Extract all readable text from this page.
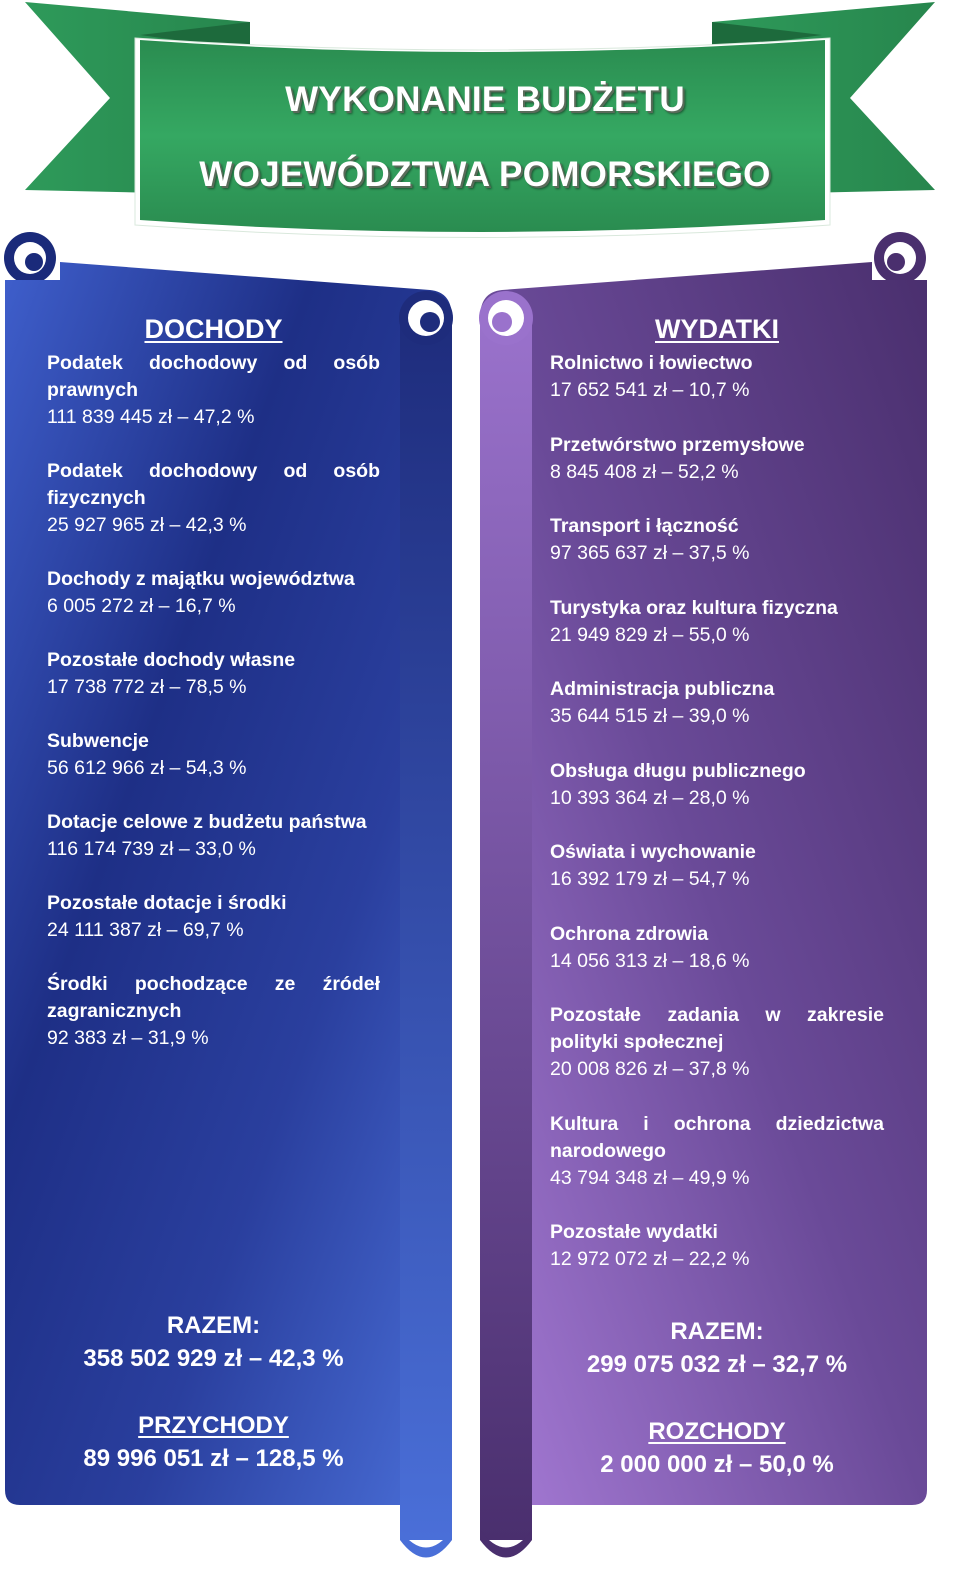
WYKONANIE BUDŻETU
WOJEWÓDZTWA POMORSKIEGO
DOCHODY
Podatek dochodowy od osób prawnych
111 839 445 zł – 47,2 %
Podatek dochodowy od osób fizycznych
25 927 965 zł – 42,3 %
Dochody z majątku województwa
6 005 272 zł – 16,7 %
Pozostałe dochody własne
17 738 772 zł – 78,5 %
Subwencje
56 612 966 zł – 54,3 %
Dotacje celowe z budżetu państwa
116 174 739 zł – 33,0 %
Pozostałe dotacje i środki
24 111 387 zł – 69,7 %
Środki pochodzące ze źródeł zagranicznych
92 383 zł – 31,9 %
RAZEM:
358 502 929 zł – 42,3 %
PRZYCHODY
89 996 051 zł – 128,5 %
WYDATKI
Rolnictwo i łowiectwo
17 652 541 zł – 10,7 %
Przetwórstwo przemysłowe
8 845 408 zł – 52,2 %
Transport i łączność
97 365 637 zł – 37,5 %
Turystyka oraz kultura fizyczna
21 949 829 zł – 55,0 %
Administracja publiczna
35 644 515 zł – 39,0 %
Obsługa długu publicznego
10 393 364 zł – 28,0 %
Oświata i wychowanie
16 392 179 zł – 54,7 %
Ochrona zdrowia
14 056 313 zł – 18,6 %
Pozostałe zadania w zakresie polityki społecznej
20 008 826 zł – 37,8 %
Kultura i ochrona dziedzictwa narodowego
43 794 348 zł – 49,9 %
Pozostałe wydatki
12 972 072 zł – 22,2 %
RAZEM:
299 075 032 zł – 32,7 %
ROZCHODY
2 000 000 zł – 50,0 %
